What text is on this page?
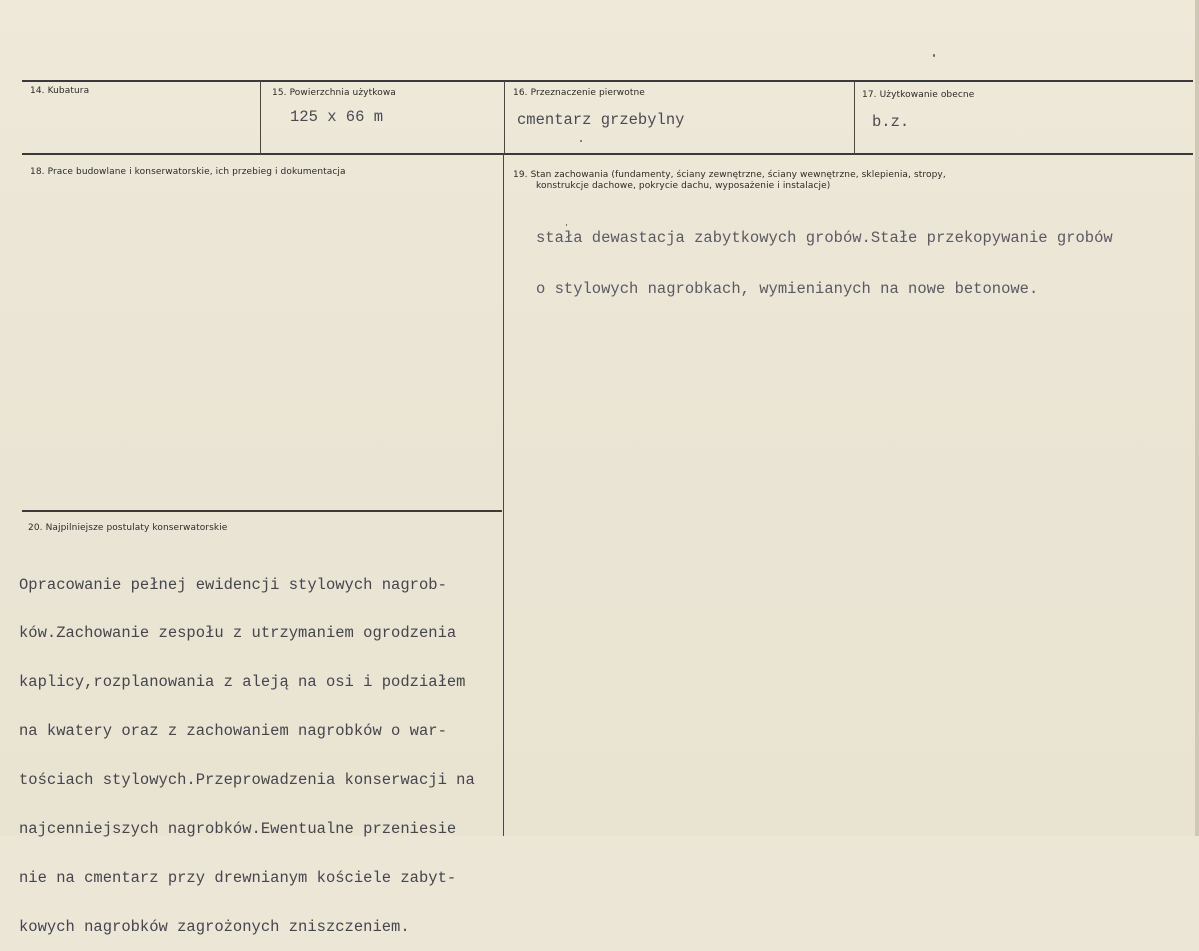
14. Kubatura	15. Powierzchnia użytkowa
125 x 66 m
16. Przeznaczenie pierwotne
cmentarz grzebylny
17. Użytkowanie obecne
b.z.
18. Prace budowlane i konserwatorskie, ich przebieg i dokumentacja	19. Stan zachowania (fundamenty, ściany zewnętrzne, ściany wewnętrzne, sklepienia, stropy,
konstrukcje dachowe, pokrycie dachu, wyposażenie i instalacje)

stała dewastacja zabytkowych grobów.Stałe przekopywanie grobów

o stylowych nagrobkach, wymienianych na nowe betonowe.

20. Najpilniejsze postulaty konserwatorskie

Opracowanie pełnej ewidencji stylowych nagrob-

ków.Zachowanie zespołu z utrzymaniem ogrodzenia

kaplicy,rozplanowania z aleją na osi i podziałem

na kwatery oraz z zachowaniem nagrobków o war-

tościach stylowych.Przeprowadzenia konserwacji na

najcenniejszych nagrobków.Ewentualne przeniesie

nie na cmentarz przy drewnianym kościele zabyt-

kowych nagrobków zagrożonych zniszczeniem.
